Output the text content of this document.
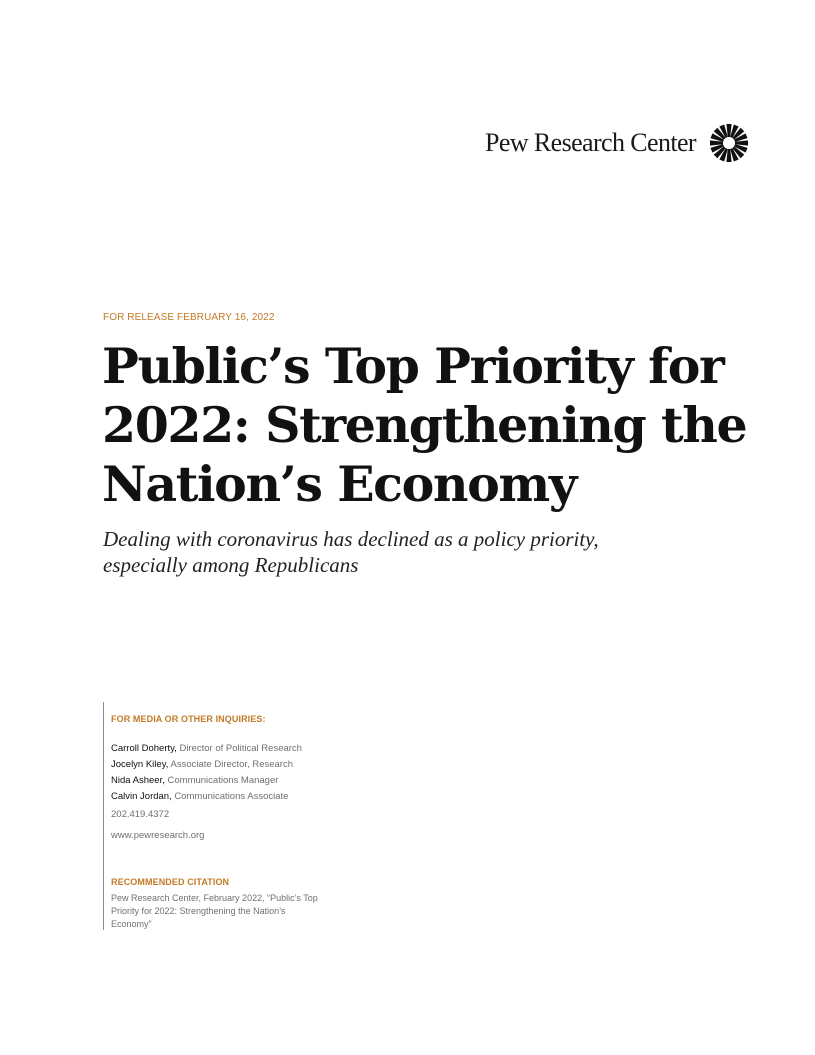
Pew Research Center
FOR RELEASE FEBRUARY 16, 2022
Public’s Top Priority for
2022: Strengthening the
Nation’s Economy

Dealing with coronavirus has declined as a policy priority,
especially among Republicans

FOR MEDIA OR OTHER INQUIRIES:
Carroll Doherty, Director of Political Research
Jocelyn Kiley, Associate Director, Research
Nida Asheer, Communications Manager
Calvin Jordan, Communications Associate
202.419.4372
www.pewresearch.org
RECOMMENDED CITATION
Pew Research Center, February 2022, “Public’s Top
Priority for 2022: Strengthening the Nation’s
Economy”
